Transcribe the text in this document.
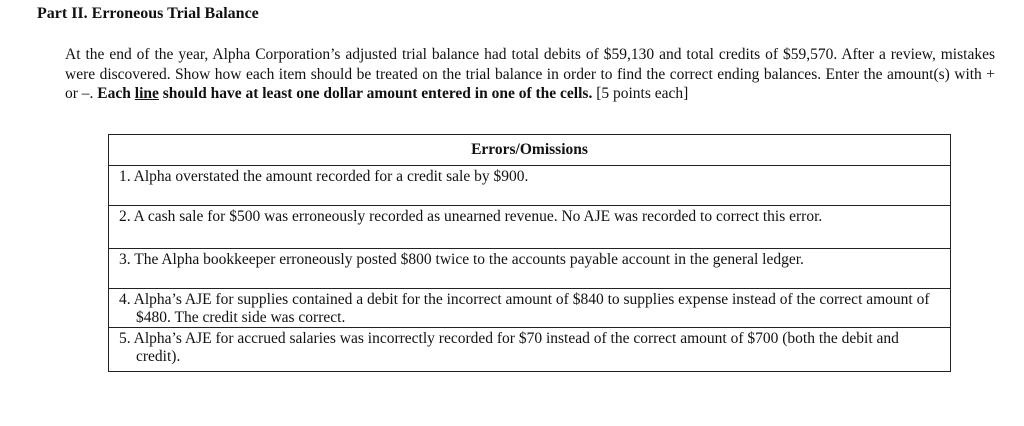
Part II. Erroneous Trial Balance
At the end of the year, Alpha Corporation’s adjusted trial balance had total debits of $59,130 and total credits of $59,570. After a review, mistakes were discovered. Show how each item should be treated on the trial balance in order to find the correct ending balances. Enter the amount(s) with + or –. Each line should have at least one dollar amount entered in one of the cells. [5 points each]
Errors/Omissions

1. Alpha overstated the amount recorded for a credit sale by $900.

2. A cash sale for $500 was erroneously recorded as unearned revenue. No AJE was recorded to correct this error.

3. The Alpha bookkeeper erroneously posted $800 twice to the accounts payable account in the general ledger.

4. Alpha’s AJE for supplies contained a debit for the incorrect amount of $840 to supplies expense instead of the correct amount of $480. The credit side was correct.

5. Alpha’s AJE for accrued salaries was incorrectly recorded for $70 instead of the correct amount of $700 (both the debit and credit).
